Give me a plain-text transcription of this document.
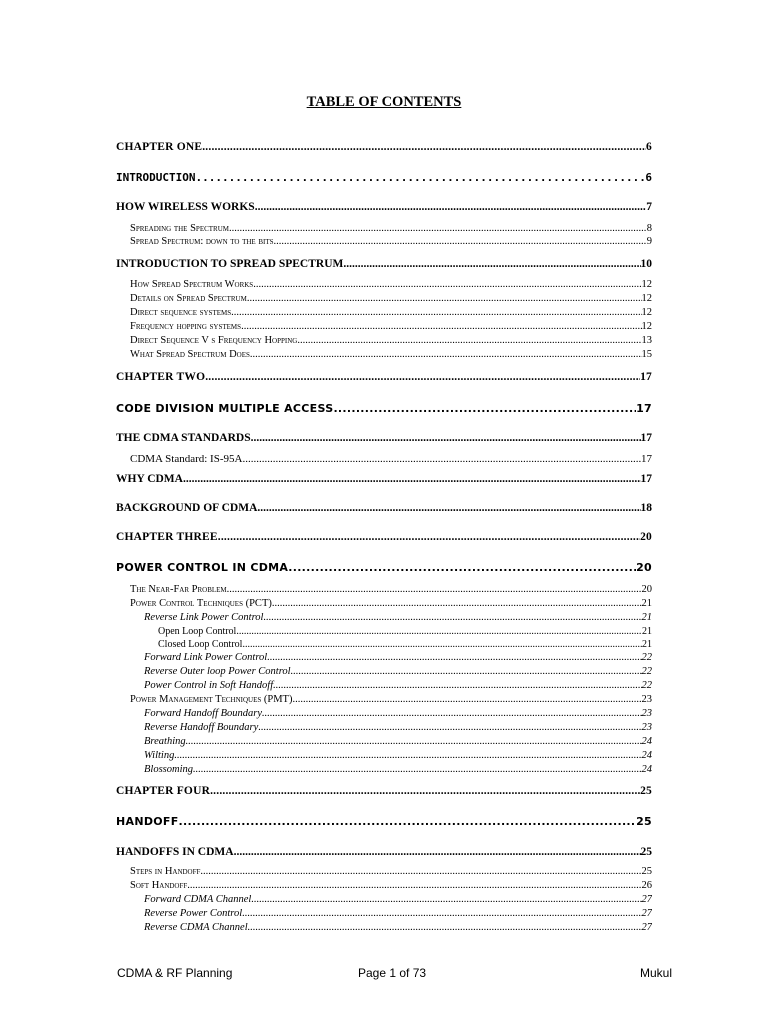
TABLE OF CONTENTS
CHAPTER ONE .....	6
INTRODUCTION .....	6
HOW WIRELESS WORKS .....	7
Spreading the Spectrum .....	8
Spread Spectrum: down to the bits .....	9
INTRODUCTION TO SPREAD SPECTRUM .....	10
How Spread Spectrum Works .....	12
Details on Spread Spectrum .....	12
Direct sequence systems .....	12
Frequency hopping systems .....	12
Direct Sequence V s Frequency Hopping .....	13
What Spread Spectrum Does .....	15
CHAPTER TWO .....	17
CODE DIVISION MULTIPLE ACCESS .....	17
THE CDMA STANDARDS .....	17
CDMA Standard: IS-95A .....	17
WHY CDMA .....	17
BACKGROUND OF CDMA .....	18
CHAPTER THREE .....	20
POWER CONTROL IN CDMA .....	20
The Near-Far Problem .....	20
Power Control Techniques (PCT) .....	21
Reverse Link Power Control .....	21
Open Loop Control .....	21
Closed Loop Control .....	21
Forward Link Power Control .....	22
Reverse Outer loop Power Control .....	22
Power Control in Soft Handoff .....	22
Power Management Techniques (PMT) .....	23
Forward Handoff Boundary .....	23
Reverse Handoff Boundary .....	23
Breathing .....	24
Wilting .....	24
Blossoming .....	24
CHAPTER FOUR .....	25
HANDOFF .....	25
HANDOFFS IN CDMA .....	25
Steps in Handoff .....	25
Soft Handoff .....	26
Forward CDMA Channel .....	27
Reverse Power Control .....	27
Reverse CDMA Channel .....	27
CDMA & RF Planning	Page 1 of 73	Mukul
